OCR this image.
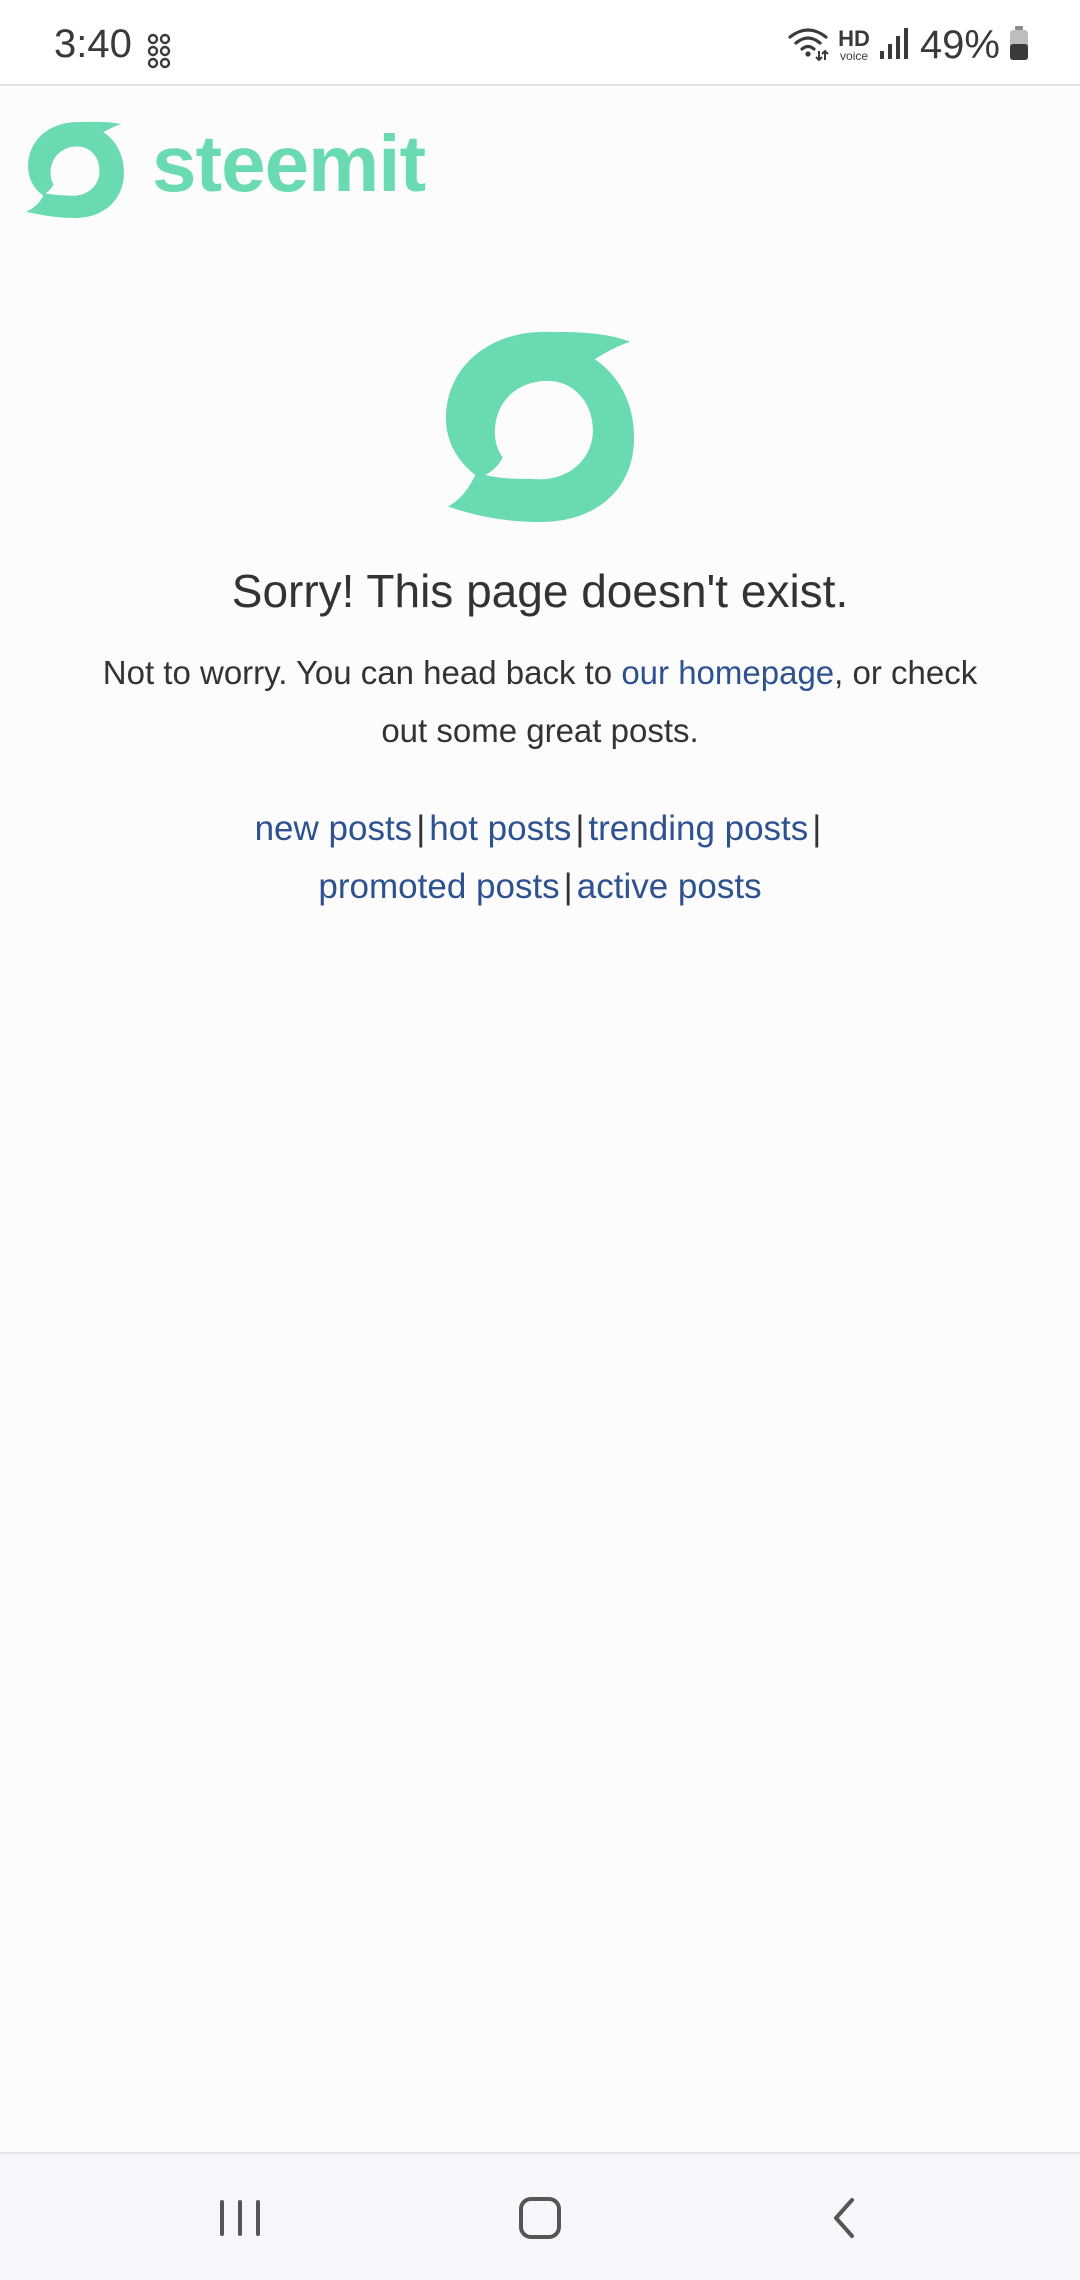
3:40	HD
voice 49%
steemit
Sorry! This page doesn't exist.
Not to worry. You can head back to our homepage, or check out some great posts.
new posts | hot posts | trending posts |
promoted posts | active posts
